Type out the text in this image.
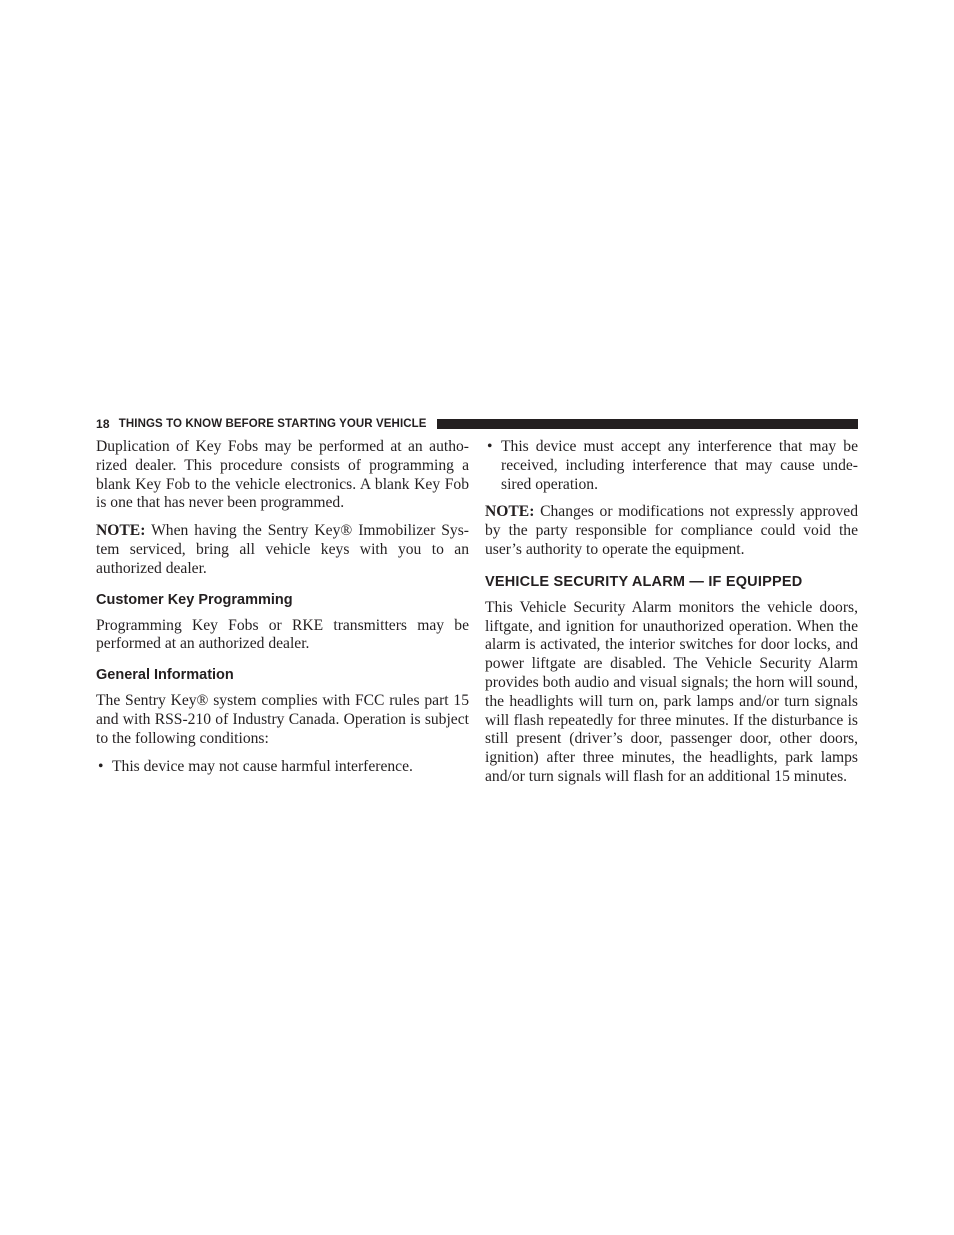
18 THINGS TO KNOW BEFORE STARTING YOUR VEHICLE

Duplication of Key Fobs may be performed at an authorized dealer. This procedure consists of programming a blank Key Fob to the vehicle electronics. A blank Key Fob is one that has never been programmed.

NOTE: When having the Sentry Key® Immobilizer System serviced, bring all vehicle keys with you to an authorized dealer.

Customer Key Programming

Programming Key Fobs or RKE transmitters may be performed at an authorized dealer.

General Information

The Sentry Key® system complies with FCC rules part 15 and with RSS-210 of Industry Canada. Operation is subject to the following conditions:

• This device may not cause harmful interference.
• This device must accept any interference that may be received, including interference that may cause undesired operation.

NOTE: Changes or modifications not expressly approved by the party responsible for compliance could void the user’s authority to operate the equipment.

VEHICLE SECURITY ALARM — IF EQUIPPED

This Vehicle Security Alarm monitors the vehicle doors, liftgate, and ignition for unauthorized operation. When the alarm is activated, the interior switches for door locks, and power liftgate are disabled. The Vehicle Security Alarm provides both audio and visual signals; the horn will sound, the headlights will turn on, park lamps and/or turn signals will flash repeatedly for three minutes. If the disturbance is still present (driver’s door, passenger door, other doors, ignition) after three minutes, the headlights, park lamps and/or turn signals will flash for an additional 15 minutes.
